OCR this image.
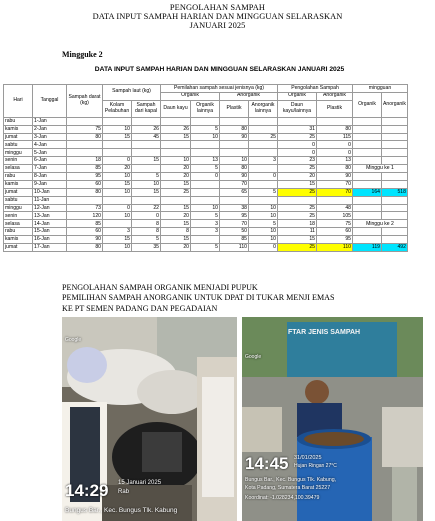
PENGOLAHAN SAMPAH
DATA INPUT SAMPAH HARIAN DAN MINGGUAN SELARASKAN
JANUARI 2025
Mingguke 2
DATA INPUT SAMPAH HARIAN DAN MINGGUAN SELARASKAN JANUARI 2025
Hari	Tanggal	Sampah darat (kg)	Sampah laut (kg)		Pemilahan sampah sesuai jenisnya (kg)				Pengolahan Sampah		mingguan	
					Organik		Anorganik		Organik	Anorganik	Organik	Anorganik
			Kolam Pelabuhan	Sampah dari kapal	Daun kayu	Organik lainnya	Plastik	Anorganik lainnya	Daun kayu/lainnya	Plastik		
rabu	1-Jan											
kamis	2-Jan	75	10	26	26	5	80		31	80		
jumat	3-Jan	80	15	45	15	10	90	25	25	115		
sabtu	4-Jan								0	0		
minggu	5-Jan								0	0		
senin	6-Jan	18	0	15	10	13	10	3	23	13		
selasa	7-Jan	85	20		20	5	80		25	80	Minggu ke 1	
rabu	8-Jan	95	10	5	20	0	90	0	20	90		
kamis	9-Jan	60	15	10	15		70		15	70		
jumat	10-Jan	80	10	15	25		65	5	25	70	164	518
sabtu	11-Jan											
minggu	12-Jan	73	0	22	15	10	38	10	25	48		
senin	13-Jan	120	10	0	20	5	95	10	25	105		
selasa	14-Jan	85		8	15	3	70	5	18	75	Minggu ke 2	
rabu	15-Jan	60	3	8	8	3	50	10	11	60		
kamis	16-Jan	90	15	5	15		85	10	15	95		
jumat	17-Jan	80	10	35	20	5	110	0	25	110	119	492
PENGOLAHAN SAMPAH ORGANIK MENJADI PUPUK
PEMILIHAN SAMPAH ANORGANIK UNTUK DPAT DI TUKAR MENJI EMAS
KE PT SEMEN PADANG DAN PEGADAIAN
Google
14:29 15 Januari 2025
Rab
Bungus Bar., Kec. Bungus Tlk. Kabung
FTAR JENIS SAMPAH
Google
14:45 31/01/2025
Hujan Ringan 27°C
Bungus Bar., Kec. Bungus Tlk. Kabung,
Kota Padang, Sumatera Barat 25227
Koordinat: -1.028234,100.39479
